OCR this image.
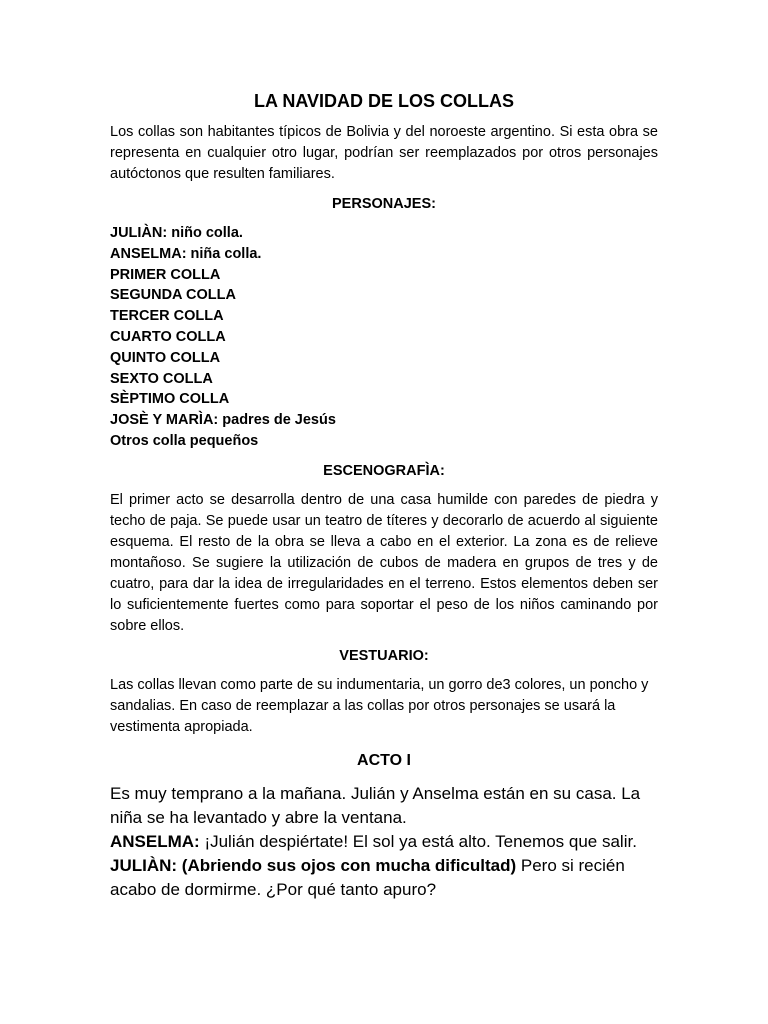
LA NAVIDAD DE LOS COLLAS

Los collas son habitantes típicos de Bolivia y del noroeste argentino. Si esta obra se representa en cualquier otro lugar, podrían ser reemplazados por otros personajes autóctonos que resulten familiares.

PERSONAJES:
JULIÀN: niño colla.
ANSELMA: niña colla.
PRIMER COLLA
SEGUNDA COLLA
TERCER COLLA
CUARTO COLLA
QUINTO COLLA
SEXTO COLLA
SÈPTIMO COLLA
JOSÈ Y MARÌA: padres de Jesús
Otros colla pequeños
ESCENOGRAFÌA:

El primer acto se desarrolla dentro de una casa humilde con paredes de piedra y techo de paja. Se puede usar un teatro de títeres y decorarlo de acuerdo al siguiente esquema. El resto de la obra se lleva a cabo en el exterior. La zona es de relieve montañoso. Se sugiere la utilización de cubos de madera en grupos de tres y de cuatro, para dar la idea de irregularidades en el terreno. Estos elementos deben ser lo suficientemente fuertes como para soportar el peso de los niños caminando por sobre ellos.

VESTUARIO:

Las collas llevan como parte de su indumentaria, un gorro de3 colores, un poncho y sandalias. En caso de reemplazar a las collas por otros personajes se usará la vestimenta apropiada.

ACTO I

Es muy temprano a la mañana. Julián y Anselma están en su casa. La niña se ha levantado y abre la ventana.

ANSELMA: ¡Julián despiértate! El sol ya está alto. Tenemos que salir.

JULIÀN: (Abriendo sus ojos con mucha dificultad) Pero si recién acabo de dormirme. ¿Por qué tanto apuro?
